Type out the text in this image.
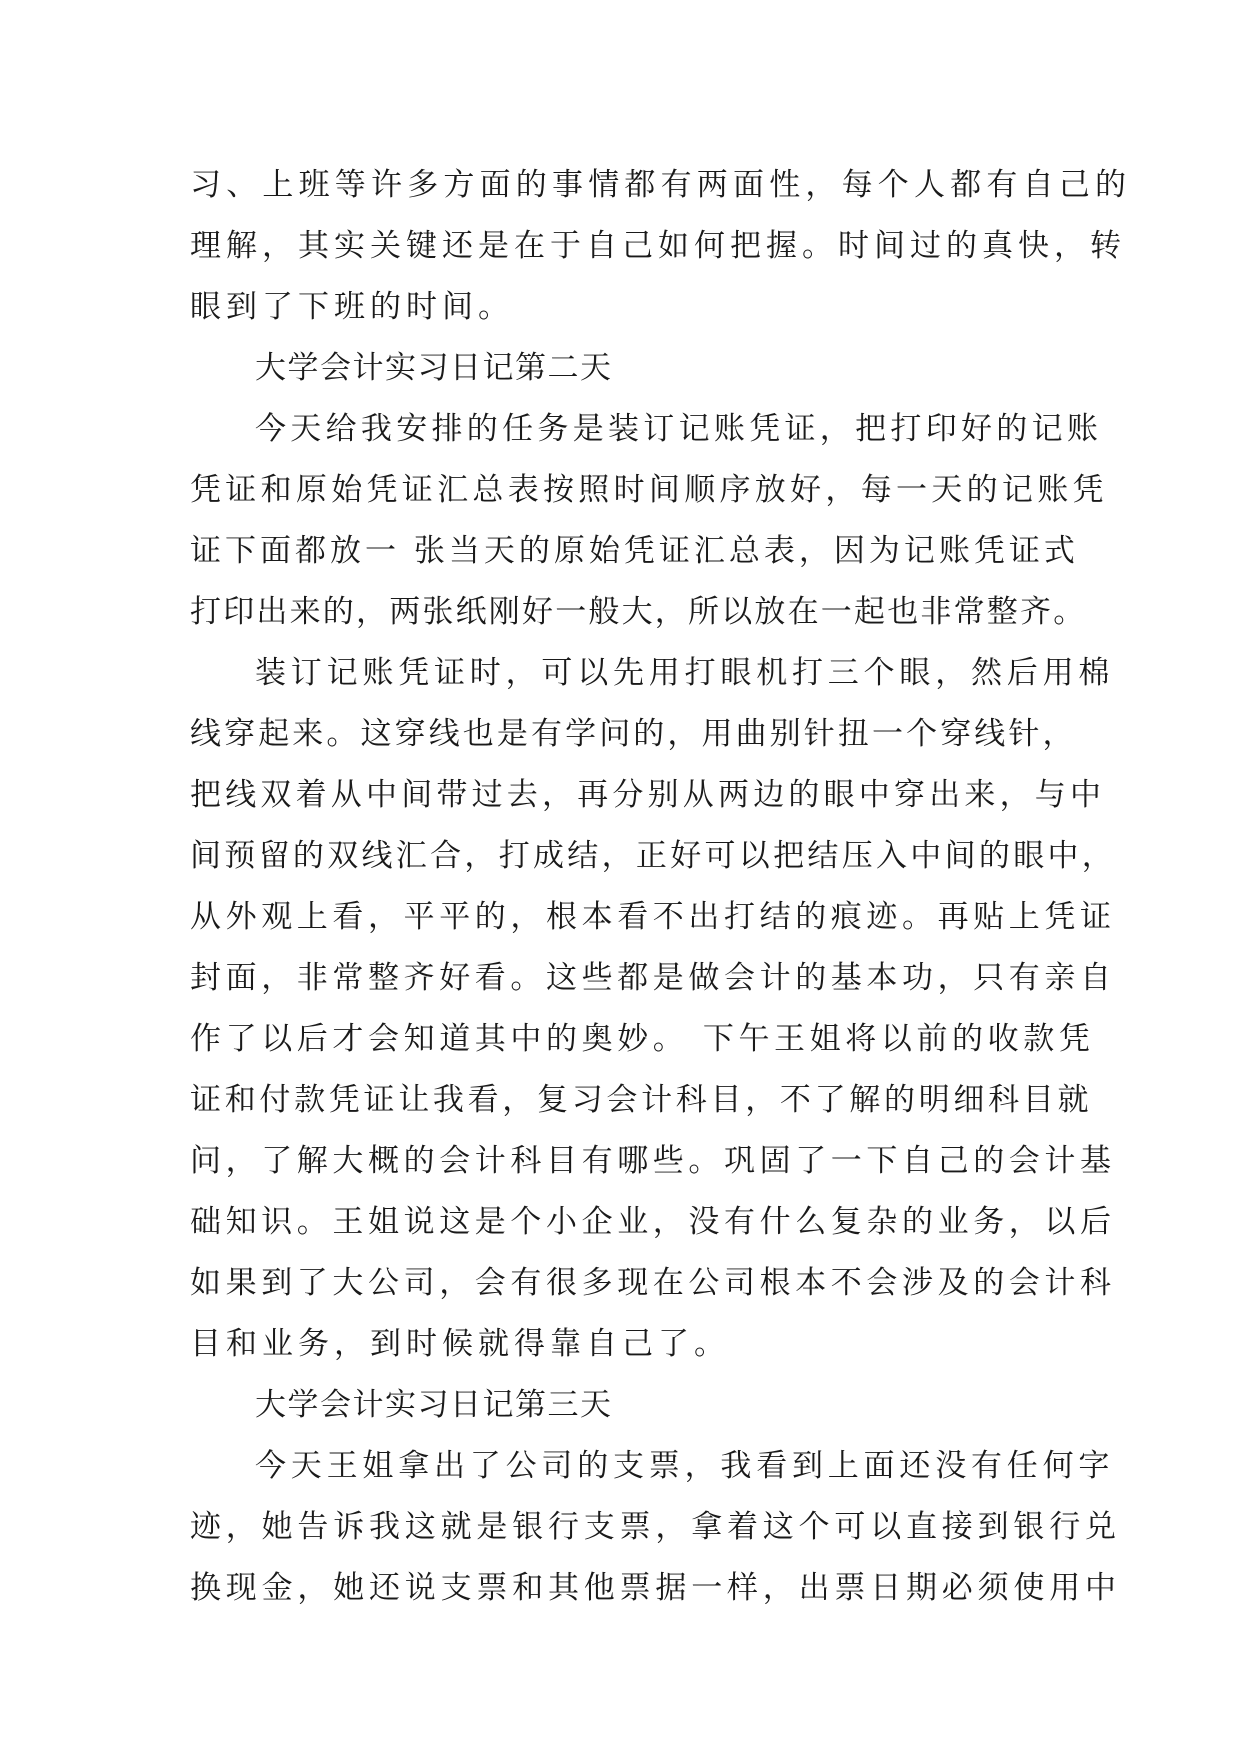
习、上班等许多方面的事情都有两面性，每个人都有自己的
理解，其实关键还是在于自己如何把握。时间过的真快，转
眼到了下班的时间。
大学会计实习日记第二天
今天给我安排的任务是装订记账凭证，把打印好的记账
凭证和原始凭证汇总表按照时间顺序放好，每一天的记账凭
证下面都放一 张当天的原始凭证汇总表，因为记账凭证式
打印出来的，两张纸刚好一般大，所以放在一起也非常整齐。
装订记账凭证时，可以先用打眼机打三个眼，然后用棉
线穿起来。这穿线也是有学问的，用曲别针扭一个穿线针，
把线双着从中间带过去，再分别从两边的眼中穿出来，与中
间预留的双线汇合，打成结，正好可以把结压入中间的眼中，
从外观上看，平平的，根本看不出打结的痕迹。再贴上凭证
封面，非常整齐好看。这些都是做会计的基本功，只有亲自
作了以后才会知道其中的奥妙。 下午王姐将以前的收款凭
证和付款凭证让我看，复习会计科目，不了解的明细科目就
问，了解大概的会计科目有哪些。巩固了一下自己的会计基
础知识。王姐说这是个小企业，没有什么复杂的业务，以后
如果到了大公司，会有很多现在公司根本不会涉及的会计科
目和业务，到时候就得靠自己了。
大学会计实习日记第三天
今天王姐拿出了公司的支票，我看到上面还没有任何字
迹，她告诉我这就是银行支票，拿着这个可以直接到银行兑
换现金，她还说支票和其他票据一样，出票日期必须使用中
